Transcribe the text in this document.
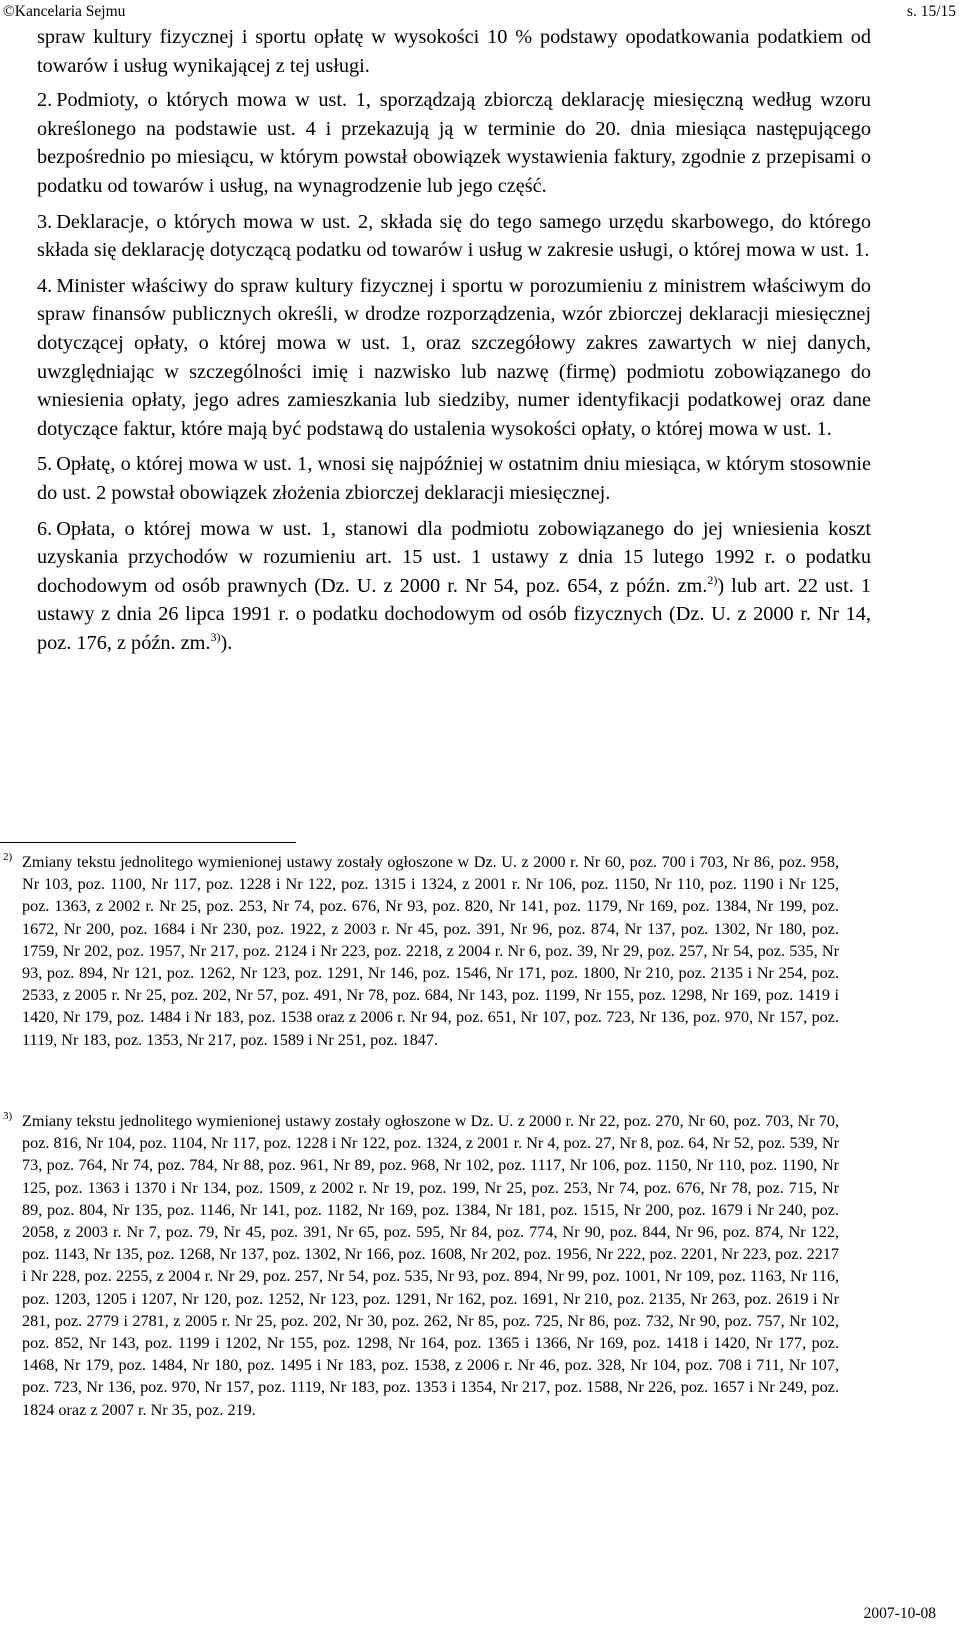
©Kancelaria Sejmu	s. 15/15

spraw kultury fizycznej i sportu opłatę w wysokości 10 % podstawy opodatkowania podatkiem od towarów i usług wynikającej z tej usługi.

2. Podmioty, o których mowa w ust. 1, sporządzają zbiorczą deklarację miesięczną według wzoru określonego na podstawie ust. 4 i przekazują ją w terminie do 20. dnia miesiąca następującego bezpośrednio po miesiącu, w którym powstał obowiązek wystawienia faktury, zgodnie z przepisami o podatku od towarów i usług, na wynagrodzenie lub jego część.

3. Deklaracje, o których mowa w ust. 2, składa się do tego samego urzędu skarbowego, do którego składa się deklarację dotyczącą podatku od towarów i usług w zakresie usługi, o której mowa w ust. 1.

4. Minister właściwy do spraw kultury fizycznej i sportu w porozumieniu z ministrem właściwym do spraw finansów publicznych określi, w drodze rozporządzenia, wzór zbiorczej deklaracji miesięcznej dotyczącej opłaty, o której mowa w ust. 1, oraz szczegółowy zakres zawartych w niej danych, uwzględniając w szczególności imię i nazwisko lub nazwę (firmę) podmiotu zobowiązanego do wniesienia opłaty, jego adres zamieszkania lub siedziby, numer identyfikacji podatkowej oraz dane dotyczące faktur, które mają być podstawą do ustalenia wysokości opłaty, o której mowa w ust. 1.

5. Opłatę, o której mowa w ust. 1, wnosi się najpóźniej w ostatnim dniu miesiąca, w którym stosownie do ust. 2 powstał obowiązek złożenia zbiorczej deklaracji miesięcznej.

6. Opłata, o której mowa w ust. 1, stanowi dla podmiotu zobowiązanego do jej wniesienia koszt uzyskania przychodów w rozumieniu art. 15 ust. 1 ustawy z dnia 15 lutego 1992 r. o podatku dochodowym od osób prawnych (Dz. U. z 2000 r. Nr 54, poz. 654, z późn. zm.$^{2)}$) lub art. 22 ust. 1 ustawy z dnia 26 lipca 1991 r. o podatku dochodowym od osób fizycznych (Dz. U. z 2000 r. Nr 14, poz. 176, z późn. zm.$^{3)}$).

2) Zmiany tekstu jednolitego wymienionej ustawy zostały ogłoszone w Dz. U. z 2000 r. Nr 60, poz. 700 i 703, Nr 86, poz. 958, Nr 103, poz. 1100, Nr 117, poz. 1228 i Nr 122, poz. 1315 i 1324, z 2001 r. Nr 106, poz. 1150, Nr 110, poz. 1190 i Nr 125, poz. 1363, z 2002 r. Nr 25, poz. 253, Nr 74, poz. 676, Nr 93, poz. 820, Nr 141, poz. 1179, Nr 169, poz. 1384, Nr 199, poz. 1672, Nr 200, poz. 1684 i Nr 230, poz. 1922, z 2003 r. Nr 45, poz. 391, Nr 96, poz. 874, Nr 137, poz. 1302, Nr 180, poz. 1759, Nr 202, poz. 1957, Nr 217, poz. 2124 i Nr 223, poz. 2218, z 2004 r. Nr 6, poz. 39, Nr 29, poz. 257, Nr 54, poz. 535, Nr 93, poz. 894, Nr 121, poz. 1262, Nr 123, poz. 1291, Nr 146, poz. 1546, Nr 171, poz. 1800, Nr 210, poz. 2135 i Nr 254, poz. 2533, z 2005 r. Nr 25, poz. 202, Nr 57, poz. 491, Nr 78, poz. 684, Nr 143, poz. 1199, Nr 155, poz. 1298, Nr 169, poz. 1419 i 1420, Nr 179, poz. 1484 i Nr 183, poz. 1538 oraz z 2006 r. Nr 94, poz. 651, Nr 107, poz. 723, Nr 136, poz. 970, Nr 157, poz. 1119, Nr 183, poz. 1353, Nr 217, poz. 1589 i Nr 251, poz. 1847.
3) Zmiany tekstu jednolitego wymienionej ustawy zostały ogłoszone w Dz. U. z 2000 r. Nr 22, poz. 270, Nr 60, poz. 703, Nr 70, poz. 816, Nr 104, poz. 1104, Nr 117, poz. 1228 i Nr 122, poz. 1324, z 2001 r. Nr 4, poz. 27, Nr 8, poz. 64, Nr 52, poz. 539, Nr 73, poz. 764, Nr 74, poz. 784, Nr 88, poz. 961, Nr 89, poz. 968, Nr 102, poz. 1117, Nr 106, poz. 1150, Nr 110, poz. 1190, Nr 125, poz. 1363 i 1370 i Nr 134, poz. 1509, z 2002 r. Nr 19, poz. 199, Nr 25, poz. 253, Nr 74, poz. 676, Nr 78, poz. 715, Nr 89, poz. 804, Nr 135, poz. 1146, Nr 141, poz. 1182, Nr 169, poz. 1384, Nr 181, poz. 1515, Nr 200, poz. 1679 i Nr 240, poz. 2058, z 2003 r. Nr 7, poz. 79, Nr 45, poz. 391, Nr 65, poz. 595, Nr 84, poz. 774, Nr 90, poz. 844, Nr 96, poz. 874, Nr 122, poz. 1143, Nr 135, poz. 1268, Nr 137, poz. 1302, Nr 166, poz. 1608, Nr 202, poz. 1956, Nr 222, poz. 2201, Nr 223, poz. 2217 i Nr 228, poz. 2255, z 2004 r. Nr 29, poz. 257, Nr 54, poz. 535, Nr 93, poz. 894, Nr 99, poz. 1001, Nr 109, poz. 1163, Nr 116, poz. 1203, 1205 i 1207, Nr 120, poz. 1252, Nr 123, poz. 1291, Nr 162, poz. 1691, Nr 210, poz. 2135, Nr 263, poz. 2619 i Nr 281, poz. 2779 i 2781, z 2005 r. Nr 25, poz. 202, Nr 30, poz. 262, Nr 85, poz. 725, Nr 86, poz. 732, Nr 90, poz. 757, Nr 102, poz. 852, Nr 143, poz. 1199 i 1202, Nr 155, poz. 1298, Nr 164, poz. 1365 i 1366, Nr 169, poz. 1418 i 1420, Nr 177, poz. 1468, Nr 179, poz. 1484, Nr 180, poz. 1495 i Nr 183, poz. 1538, z 2006 r. Nr 46, poz. 328, Nr 104, poz. 708 i 711, Nr 107, poz. 723, Nr 136, poz. 970, Nr 157, poz. 1119, Nr 183, poz. 1353 i 1354, Nr 217, poz. 1588, Nr 226, poz. 1657 i Nr 249, poz. 1824 oraz z 2007 r. Nr 35, poz. 219.
2007-10-08
